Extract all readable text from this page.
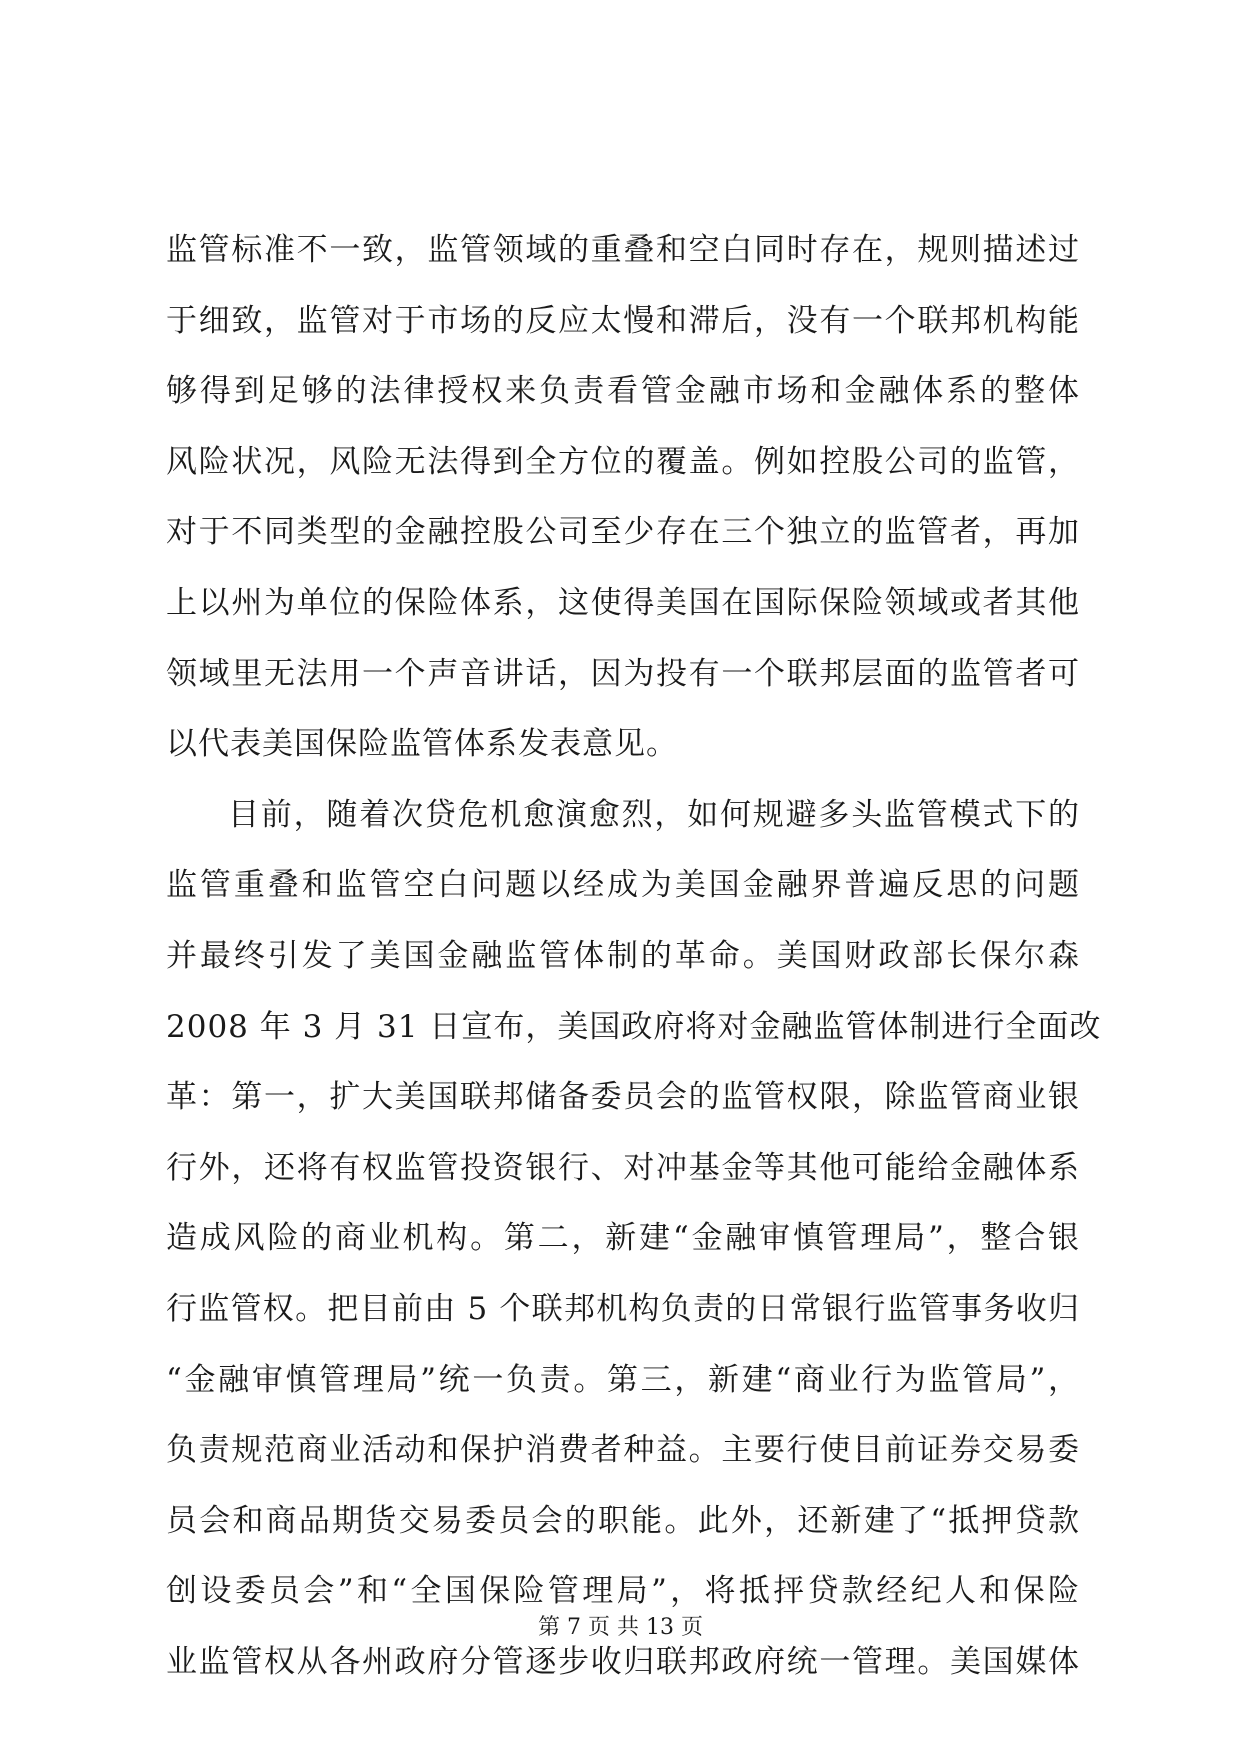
监管标准不一致，监管领域的重叠和空白同时存在，规则描述过
于细致，监管对于市场的反应太慢和滞后，没有一个联邦机构能
够得到足够的法律授权来负责看管金融市场和金融体系的整体
风险状况，风险无法得到全方位的覆盖。例如控股公司的监管，
对于不同类型的金融控股公司至少存在三个独立的监管者，再加
上以州为单位的保险体系，这使得美国在国际保险领域或者其他
领域里无法用一个声音讲话，因为投有一个联邦层面的监管者可
以代表美国保险监管体系发表意见。
目前，随着次贷危机愈演愈烈，如何规避多头监管模式下的
监管重叠和监管空白问题以经成为美国金融界普遍反思的问题
并最终引发了美国金融监管体制的革命。美国财政部长保尔森
2008 年 3 月 31 日宣布，美国政府将对金融监管体制进行全面改
革：第一，扩大美国联邦储备委员会的监管权限，除监管商业银
行外，还将有权监管投资银行、对冲基金等其他可能给金融体系
造成风险的商业机构。第二，新建“金融审慎管理局”，整合银
行监管权。把目前由 5 个联邦机构负责的日常银行监管事务收归
“金融审慎管理局”统一负责。第三，新建“商业行为监管局”，
负责规范商业活动和保护消费者种益。主要行使目前证券交易委
员会和商品期货交易委员会的职能。此外，还新建了“抵押贷款
创设委员会”和“全国保险管理局”，将抵抨贷款经纪人和保险
业监管权从各州政府分管逐步收归联邦政府统一管理。美国媒体
第 7 页 共 13 页
